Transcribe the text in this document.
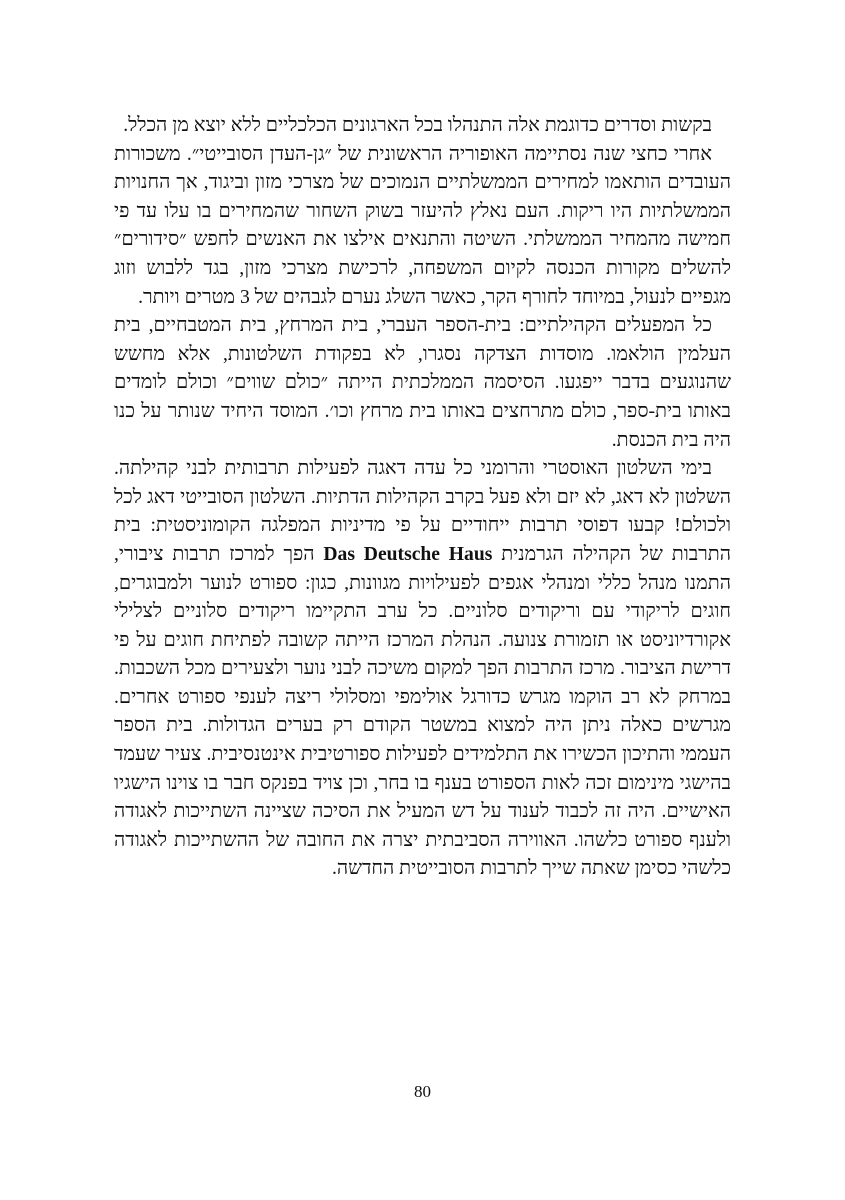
בקשות וסדרים כדוגמת אלה התנהלו בכל הארגונים הכלכליים ללא יוצא מן הכלל.

אחרי כחצי שנה נסתיימה האופוריה הראשונית של ״גן-העדן הסובייטי״. משכורות העובדים הותאמו למחירים הממשלתיים הנמוכים של מצרכי מזון וביגוד, אך החנויות הממשלתיות היו ריקות. העם נאלץ להיעזר בשוק השחור שהמחירים בו עלו עד פי חמישה מהמחיר הממשלתי. השיטה והתנאים אילצו את האנשים לחפש ״סידורים״ להשלים מקורות הכנסה לקיום המשפחה, לרכישת מצרכי מזון, בגד ללבוש וזוג מגפיים לנעול, במיוחד לחורף הקר, כאשר השלג נערם לגבהים של 3 מטרים ויותר.

כל המפעלים הקהילתיים: בית-הספר העברי, בית המרחץ, בית המטבחיים, בית העלמין הולאמו. מוסדות הצדקה נסגרו, לא בפקודת השלטונות, אלא מחשש שהנוגעים בדבר ייפגעו. הסיסמה הממלכתית הייתה ״כולם שווים״ וכולם לומדים באותו בית-ספר, כולם מתרחצים באותו בית מרחץ וכו׳. המוסד היחיד שנותר על כנו היה בית הכנסת.

בימי השלטון האוסטרי והרומני כל עדה דאגה לפעילות תרבותית לבני קהילתה. השלטון לא דאג, לא יזם ולא פעל בקרב הקהילות הדתיות. השלטון הסובייטי דאג לכל ולכולם! קבעו דפוסי תרבות ייחודיים על פי מדיניות המפלגה הקומוניסטית: בית התרבות של הקהילה הגרמנית Das Deutsche Haus הפך למרכז תרבות ציבורי, התמנו מנהל כללי ומנהלי אגפים לפעילויות מגוונות, כגון: ספורט לנוער ולמבוגרים, חוגים לריקודי עם וריקודים סלוניים. כל ערב התקיימו ריקודים סלוניים לצלילי אקורדיוניסט או תזמורת צנועה. הנהלת המרכז הייתה קשובה לפתיחת חוגים על פי דרישת הציבור. מרכז התרבות הפך למקום משיכה לבני נוער ולצעירים מכל השכבות. במרחק לא רב הוקמו מגרש כדורגל אולימפי ומסלולי ריצה לענפי ספורט אחרים. מגרשים כאלה ניתן היה למצוא במשטר הקודם רק בערים הגדולות. בית הספר העממי והתיכון הכשירו את התלמידים לפעילות ספורטיבית אינטנסיבית. צעיר שעמד בהישגי מינימום זכה לאות הספורט בענף בו בחר, וכן צויד בפנקס חבר בו צוינו הישגיו האישיים. היה זה לכבוד לענוד על דש המעיל את הסיכה שציינה השתייכות לאגודה ולענף ספורט כלשהו. האווירה הסביבתית יצרה את החובה של ההשתייכות לאגודה כלשהי כסימן שאתה שייך לתרבות הסובייטית החדשה.

80
